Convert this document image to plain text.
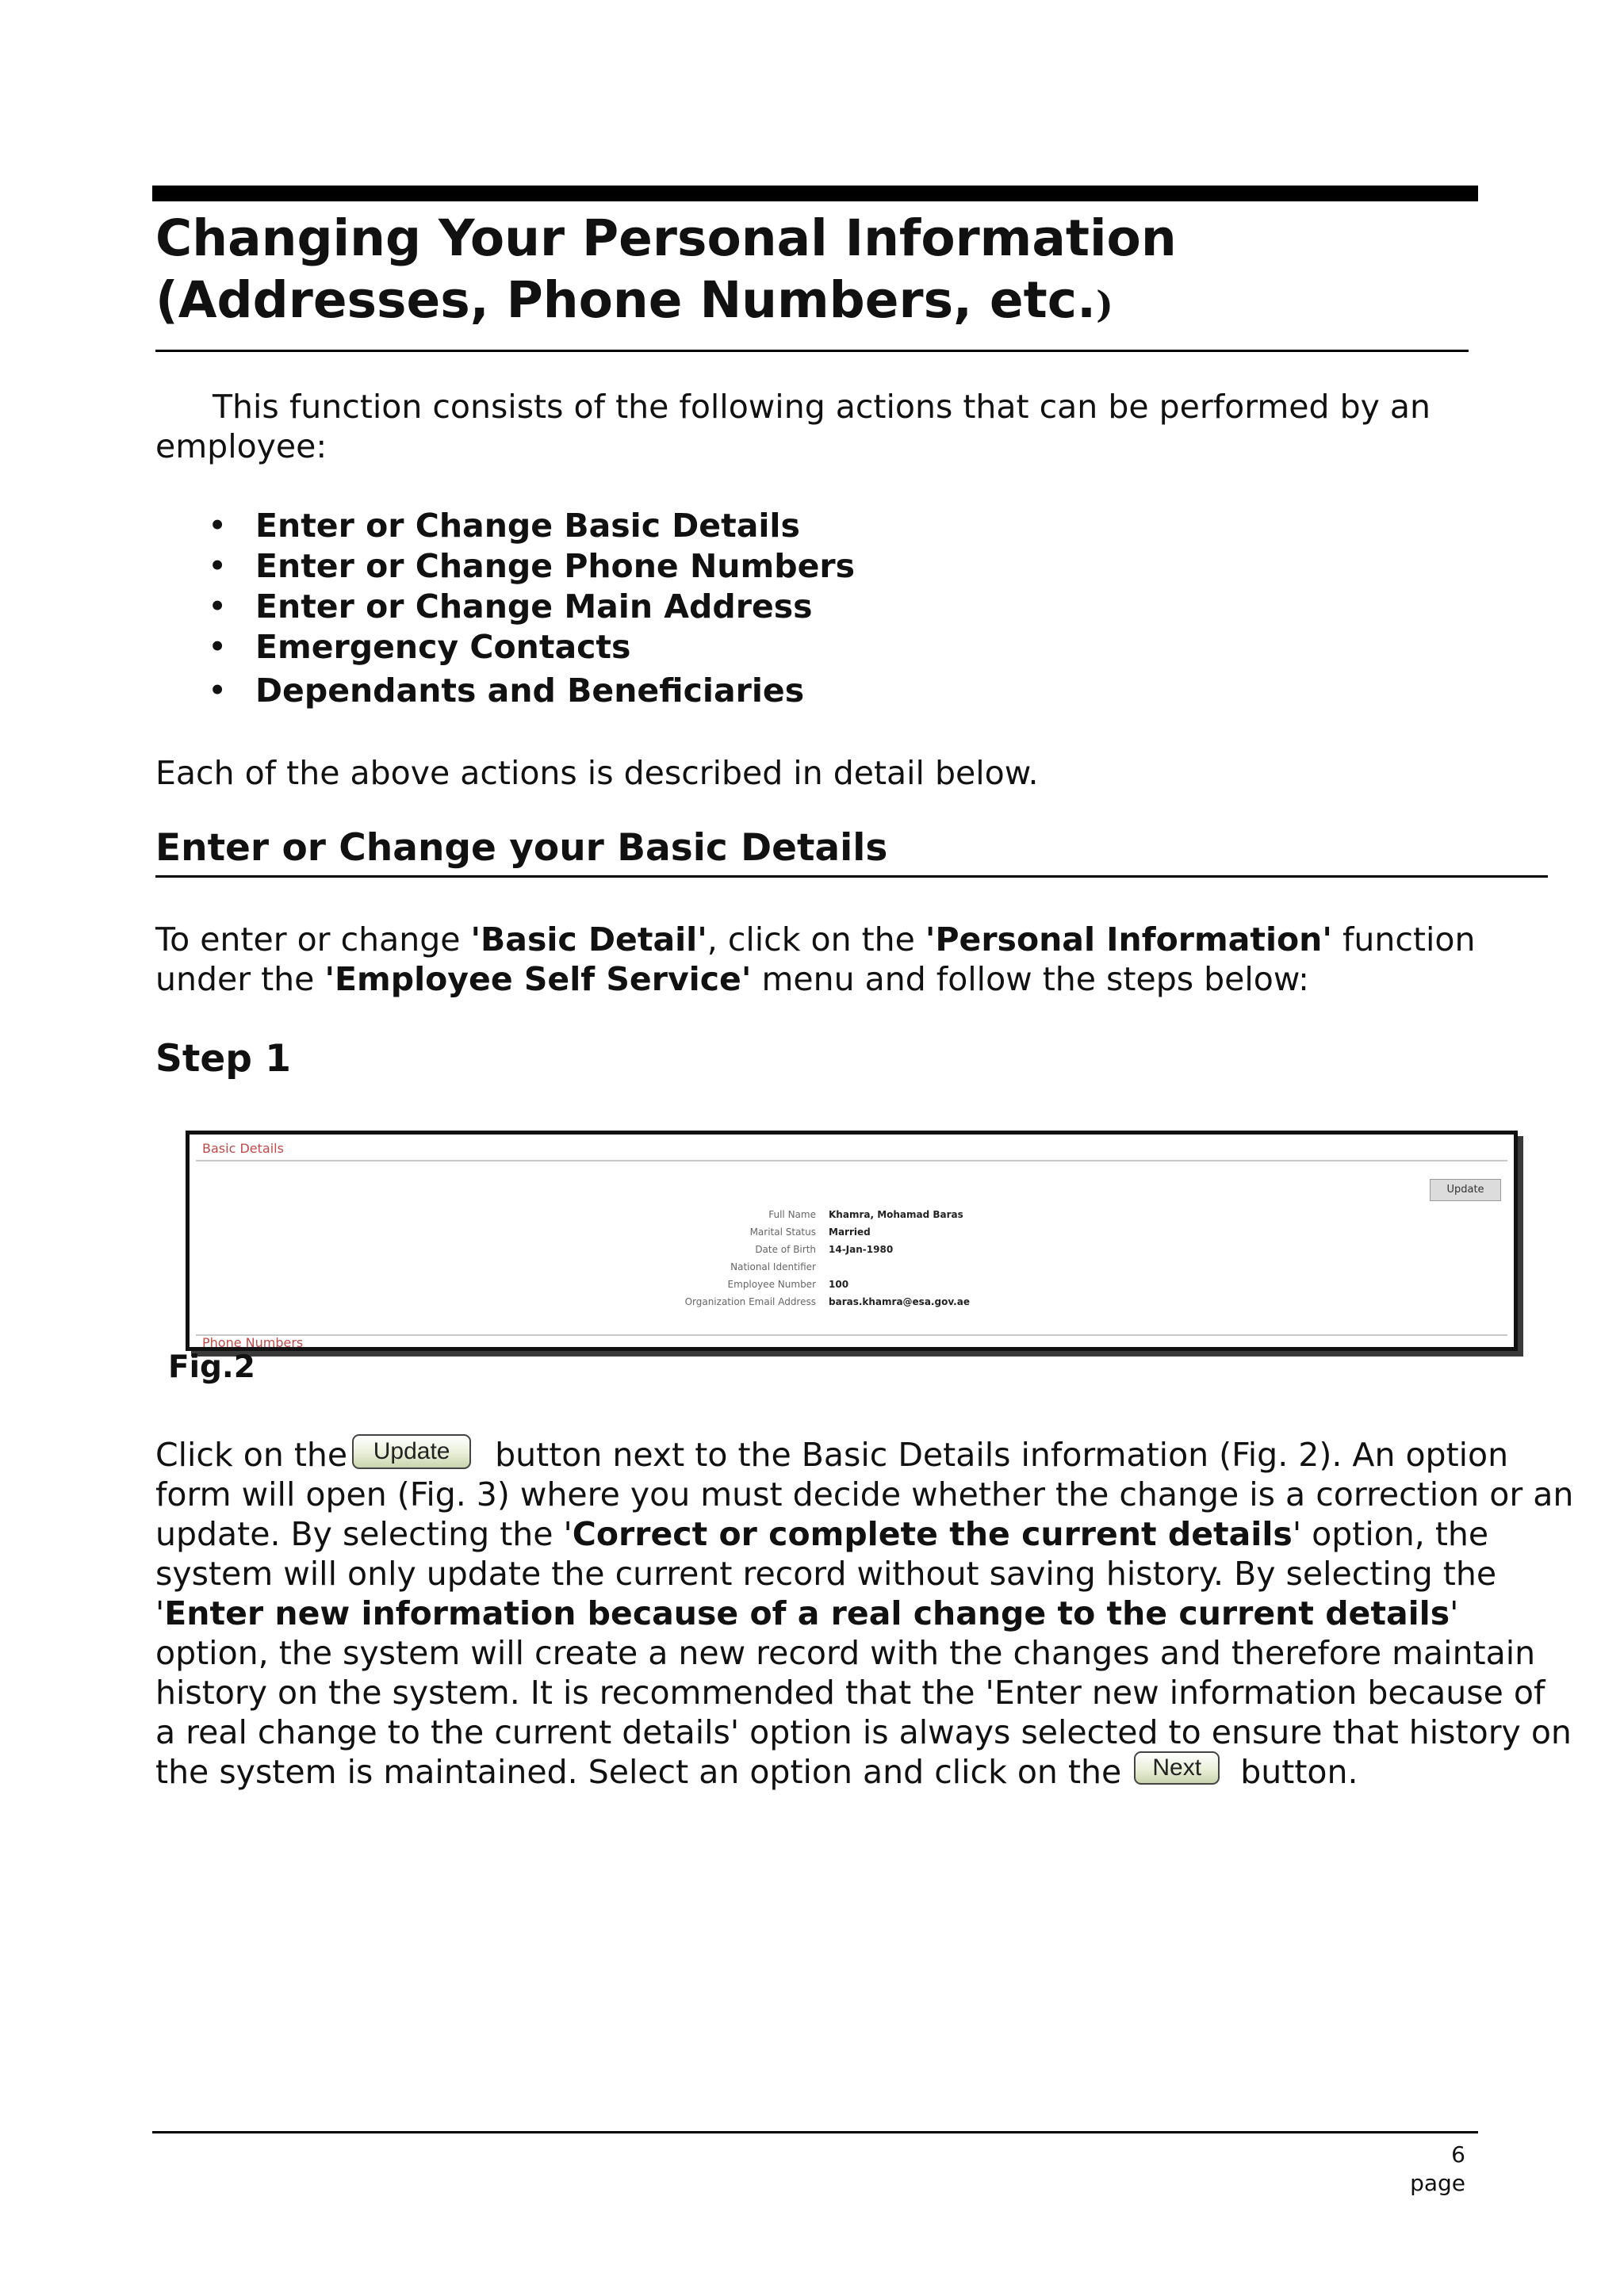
Changing Your Personal Information (Addresses, Phone Numbers, etc.)

This function consists of the following actions that can be performed by an employee:

• Enter or Change Basic Details
• Enter or Change Phone Numbers
• Enter or Change Main Address
• Emergency Contacts
• Dependants and Beneficiaries

Each of the above actions is described in detail below.

Enter or Change your Basic Details

To enter or change 'Basic Detail', click on the 'Personal Information' function under the 'Employee Self Service' menu and follow the steps below:

Step 1
Basic Details
Update
Full Name Khamra, Mohamad Baras
Marital Status Married
Date of Birth 14-Jan-1980
National Identifier
Employee Number 100
Organization Email Address baras.khamra@esa.gov.ae
Phone Numbers

Fig.2

Click on the Update button next to the Basic Details information (Fig. 2). An option form will open (Fig. 3) where you must decide whether the change is a correction or an update. By selecting the 'Correct or complete the current details' option, the system will only update the current record without saving history. By selecting the 'Enter new information because of a real change to the current details' option, the system will create a new record with the changes and therefore maintain history on the system. It is recommended that the 'Enter new information because of a real change to the current details' option is always selected to ensure that history on the system is maintained. Select an option and click on the Next button.

6 page
